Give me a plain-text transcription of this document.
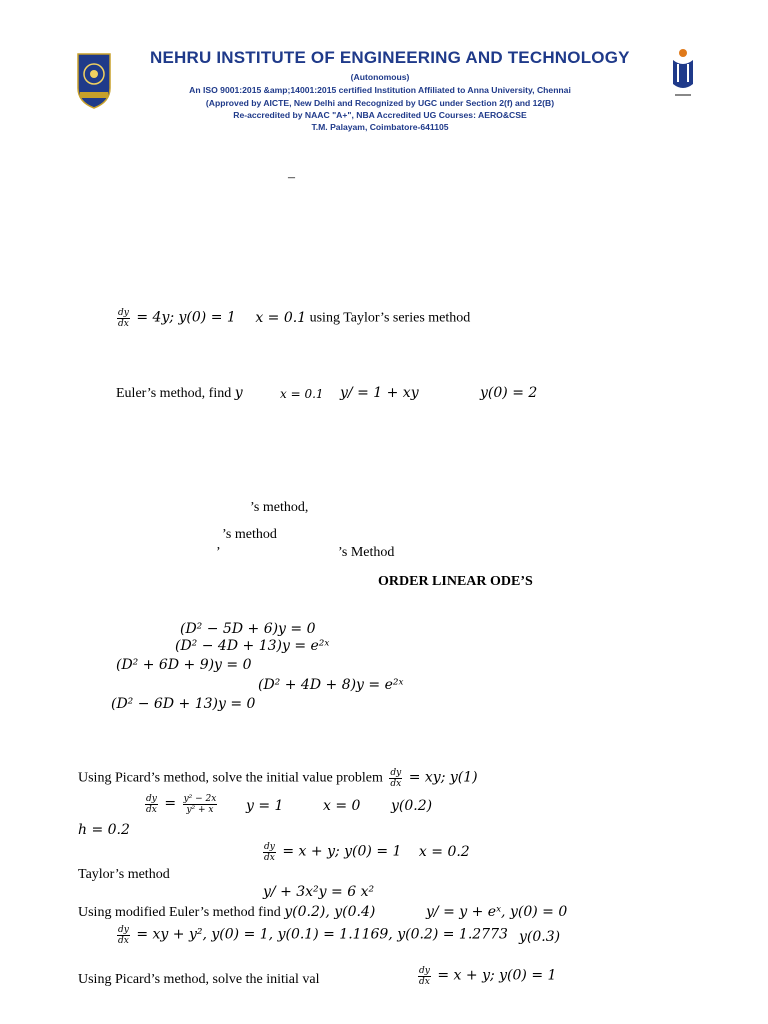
NEHRU INSTITUTE OF ENGINEERING AND TECHNOLOGY
(Autonomous)
An ISO 9001:2015 &amp;14001:2015 certified Institution Affiliated to Anna University, Chennai
(Approved by AICTE, New Delhi and Recognized by UGC under Section 2(f) and 12(B)
Re-accredited by NAAC "A+", NBA Accredited UG Courses: AERO&CSE
T.M. Palayam, Coimbatore-641105
–
$\frac{dy}{dx} = 4y$; y(0) = 1 x = 0.1 using Taylor’s series method
Euler’s method, find y	x = 0.1 y/ = 1 + xy	y(0) = 2
’s method,
’s method
’	’s Method
ORDER LINEAR ODE’S
(D² − 5D + 6)y = 0
(D² − 4D + 13)y = e²ˣ
(D² + 6D + 9)y = 0
(D² + 4D + 8)y = e²ˣ
(D² − 6D + 13)y = 0
Using Picard’s method, solve the initial value problem $\frac{dy}{dx}$ = xy; y(1)
$\frac{dy}{dx} = \frac{\text{y² − 2x}}{\text{y² + x}}$ y = 1	x = 0 y(0.2)
h = 0.2
$\frac{dy}{dx} = x + y$; y(0) = 1 x = 0.2
Taylor’s method
y/ + 3x²y = 6 x²
Using modified Euler’s method find y(0.2), y(0.4)	y/ = y + eˣ, y(0) = 0
$\frac{dy}{dx}$ = xy + y², y(0) = 1, y(0.1) = 1.1169, y(0.2) = 1.2773 y(0.3)
Using Picard’s method, solve the initial val	$\frac{dy}{dx} = x + y$; y(0) = 1
